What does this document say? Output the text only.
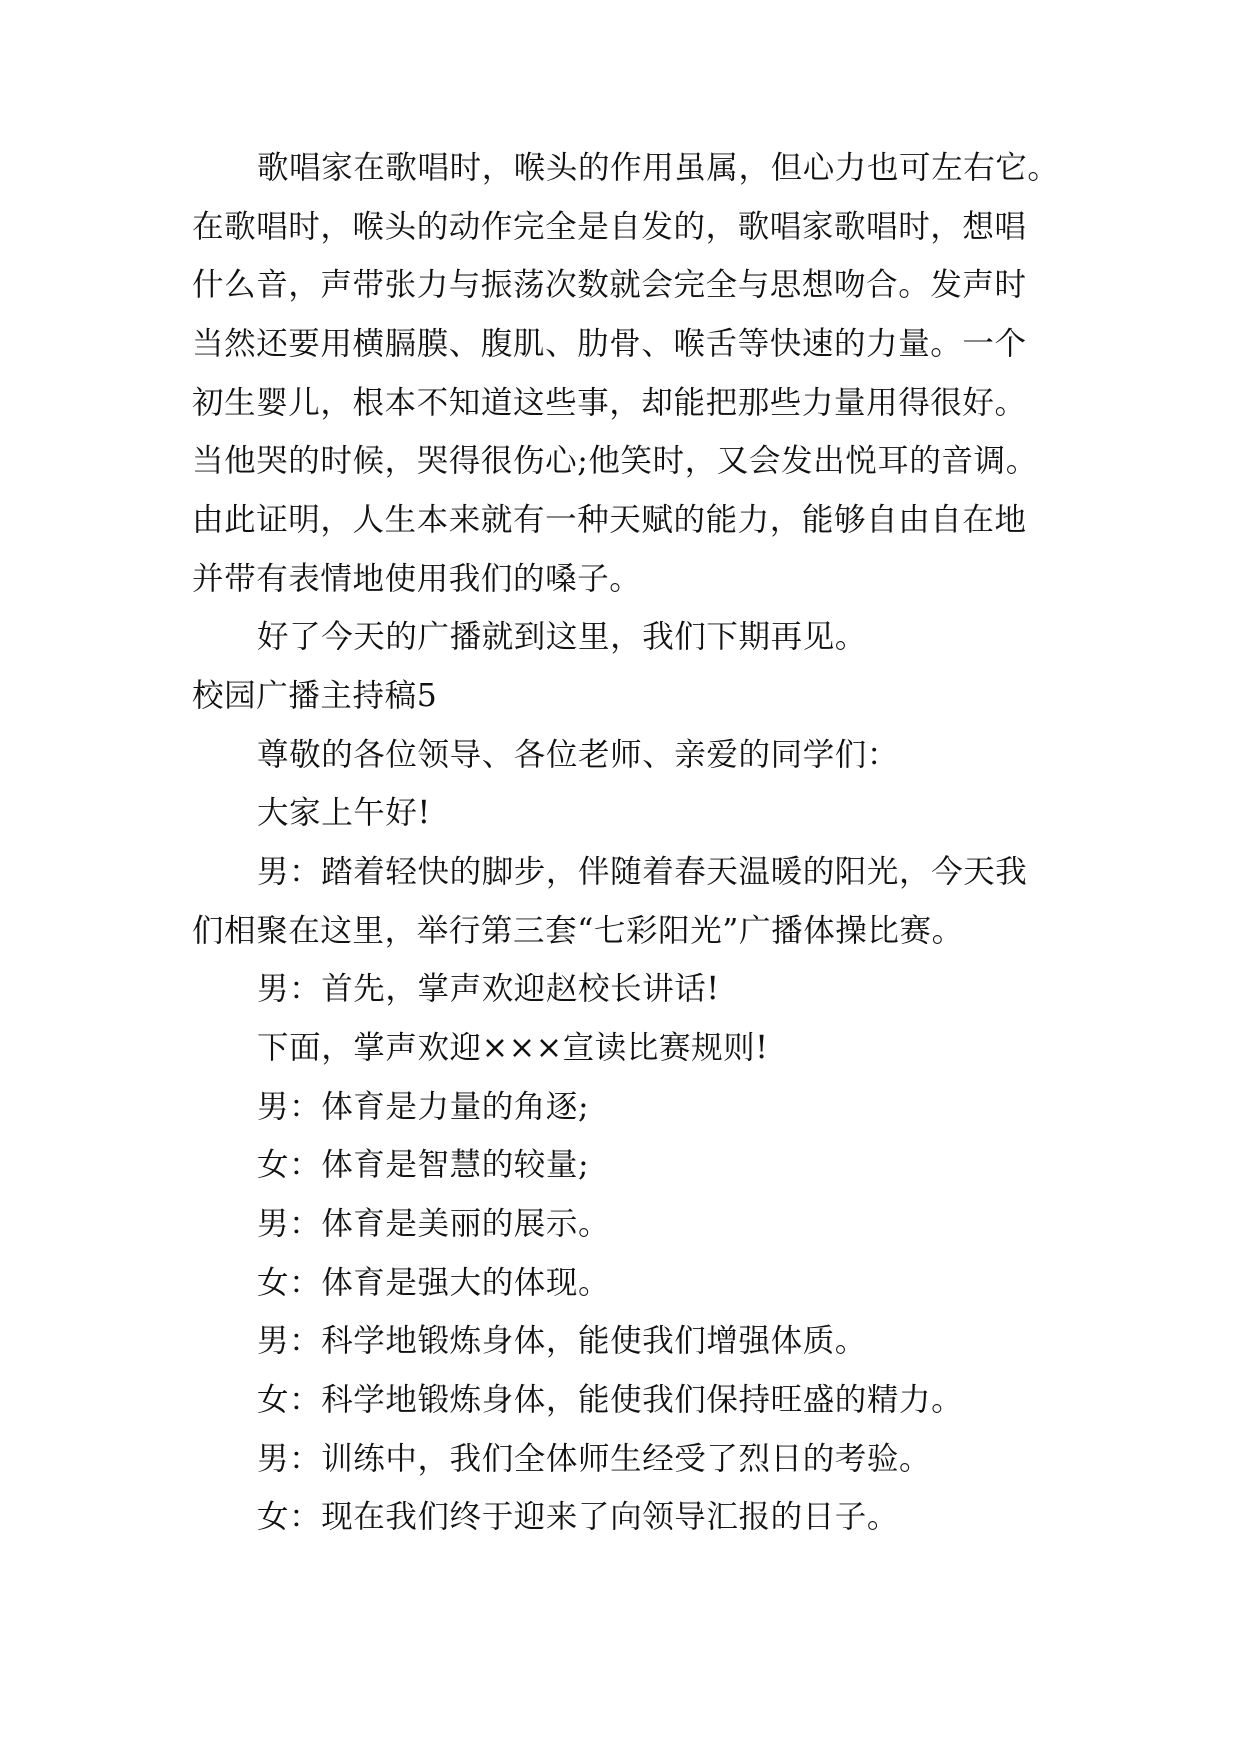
歌唱家在歌唱时，喉头的作用虽属，但心力也可左右它。
在歌唱时，喉头的动作完全是自发的，歌唱家歌唱时，想唱
什么音，声带张力与振荡次数就会完全与思想吻合。发声时
当然还要用横膈膜、腹肌、肋骨、喉舌等快速的力量。一个
初生婴儿，根本不知道这些事，却能把那些力量用得很好。
当他哭的时候，哭得很伤心;他笑时，又会发出悦耳的音调。
由此证明，人生本来就有一种天赋的能力，能够自由自在地
并带有表情地使用我们的嗓子。
好了今天的广播就到这里，我们下期再见。
校园广播主持稿5
尊敬的各位领导、各位老师、亲爱的同学们：
大家上午好!
男：踏着轻快的脚步，伴随着春天温暖的阳光，今天我
们相聚在这里，举行第三套“七彩阳光”广播体操比赛。
男：首先，掌声欢迎赵校长讲话!
下面，掌声欢迎×××宣读比赛规则!
男：体育是力量的角逐;
女：体育是智慧的较量;
男：体育是美丽的展示。
女：体育是强大的体现。
男：科学地锻炼身体，能使我们增强体质。
女：科学地锻炼身体，能使我们保持旺盛的精力。
男：训练中，我们全体师生经受了烈日的考验。
女：现在我们终于迎来了向领导汇报的日子。
